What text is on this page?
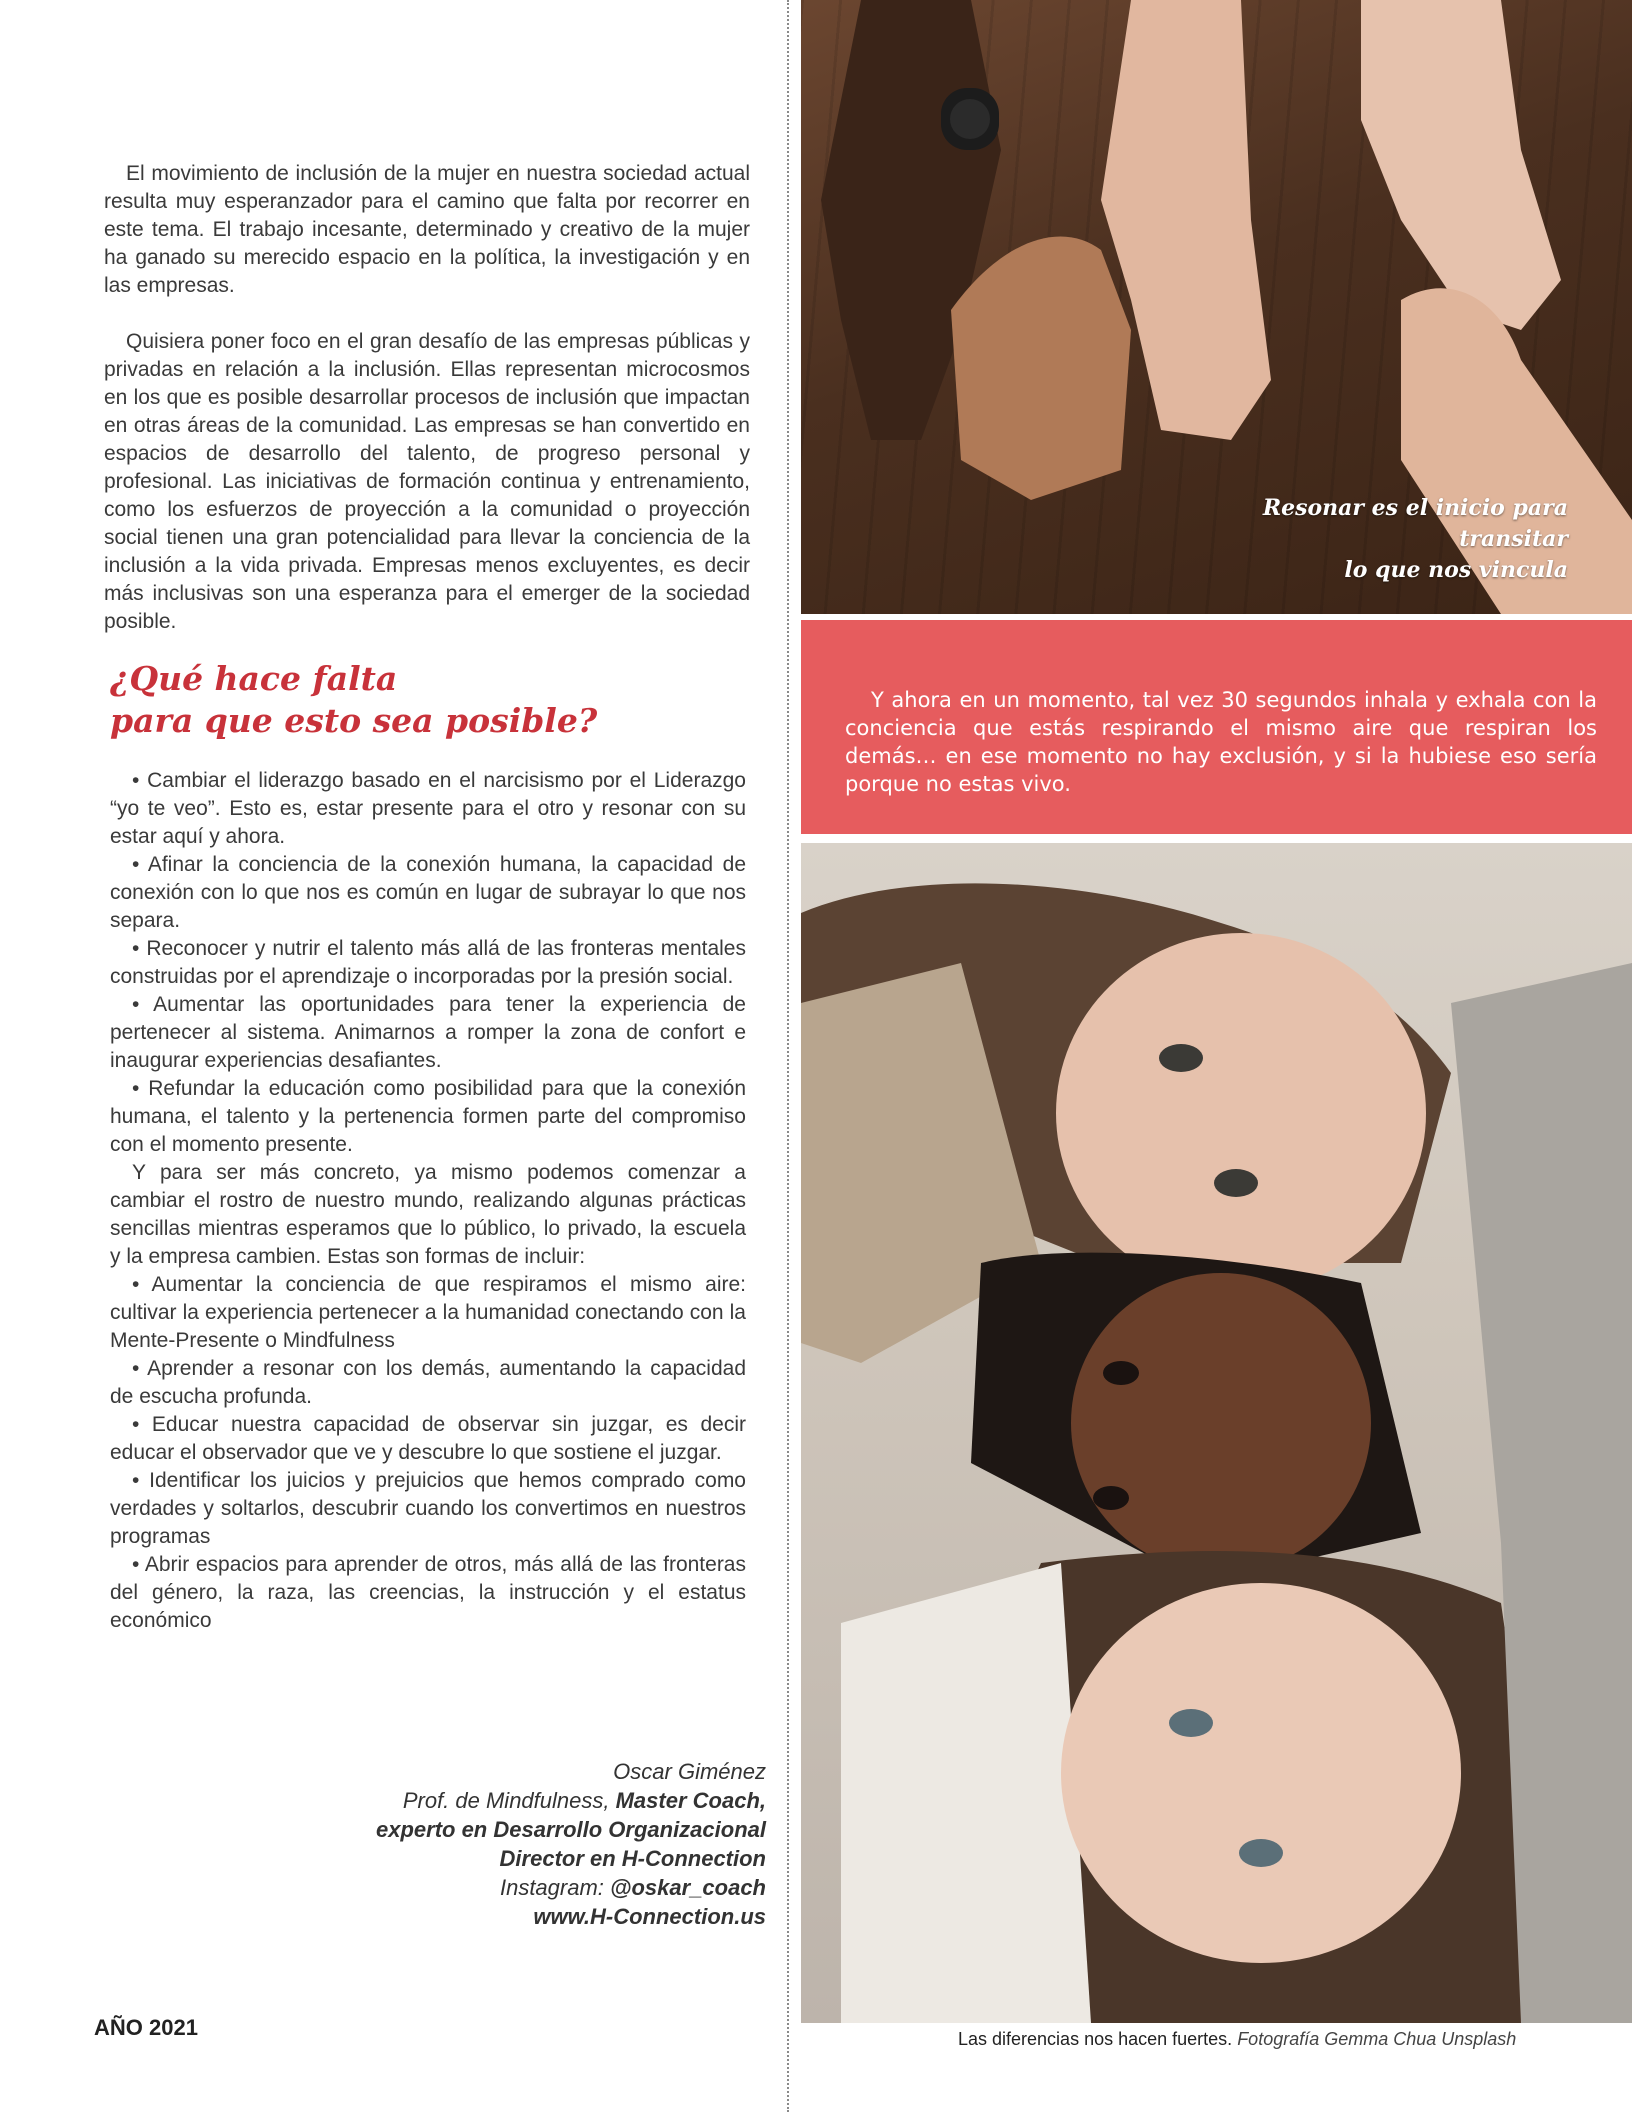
El movimiento de inclusión de la mujer en nuestra sociedad actual resulta muy esperanzador para el camino que falta por recorrer en este tema. El trabajo incesante, determinado y creativo de la mujer ha ganado su merecido espacio en la política, la investigación y en las empresas.

Quisiera poner foco en el gran desafío de las empresas públicas y privadas en relación a la inclusión. Ellas representan microcosmos en los que es posible desarrollar procesos de inclusión que impactan en otras áreas de la comunidad. Las empresas se han convertido en espacios de desarrollo del talento, de progreso personal y profesional. Las iniciativas de formación continua y entrenamiento, como los esfuerzos de proyección a la comunidad o proyección social tienen una gran potencialidad para llevar la conciencia de la inclusión a la vida privada. Empresas menos excluyentes, es decir más inclusivas son una esperanza para el emerger de la sociedad posible.

¿Qué hace falta
para que esto sea posible?

• Cambiar el liderazgo basado en el narcisismo por el Liderazgo “yo te veo”. Esto es, estar presente para el otro y resonar con su estar aquí y ahora.

• Afinar la conciencia de la conexión humana, la capacidad de conexión con lo que nos es común en lugar de subrayar lo que nos separa.

• Reconocer y nutrir el talento más allá de las fronteras mentales construidas por el aprendizaje o incorporadas por la presión social.

• Aumentar las oportunidades para tener la experiencia de pertenecer al sistema. Animarnos a romper la zona de confort e inaugurar experiencias desafiantes.

• Refundar la educación como posibilidad para que la conexión humana, el talento y la pertenencia formen parte del compromiso con el momento presente.

Y para ser más concreto, ya mismo podemos comenzar a cambiar el rostro de nuestro mundo, realizando algunas prácticas sencillas mientras esperamos que lo público, lo privado, la escuela y la empresa cambien. Estas son formas de incluir:

• Aumentar la conciencia de que respiramos el mismo aire: cultivar la experiencia pertenecer a la humanidad conectando con la Mente-Presente o Mindfulness

• Aprender a resonar con los demás, aumentando la capacidad de escucha profunda.

• Educar nuestra capacidad de observar sin juzgar, es decir educar el observador que ve y descubre lo que sostiene el juzgar.

• Identificar los juicios y prejuicios que hemos comprado como verdades y soltarlos, descubrir cuando los convertimos en nuestros programas

• Abrir espacios para aprender de otros, más allá de las fronteras del género, la raza, las creencias, la instrucción y el estatus económico

Oscar Giménez
Prof. de Mindfulness, Master Coach,
experto en Desarrollo Organizacional
Director en H-Connection
Instagram: @oskar_coach
www.H-Connection.us
AÑO 2021

Resonar es el inicio para transitar
lo que nos vincula

Y ahora en un momento, tal vez 30 segundos inhala y exhala con la conciencia que estás respirando el mismo aire que respiran los demás… en ese momento no hay exclusión, y si la hubiese eso sería porque no estas vivo.

Las diferencias nos hacen fuertes. Fotografía Gemma Chua Unsplash
